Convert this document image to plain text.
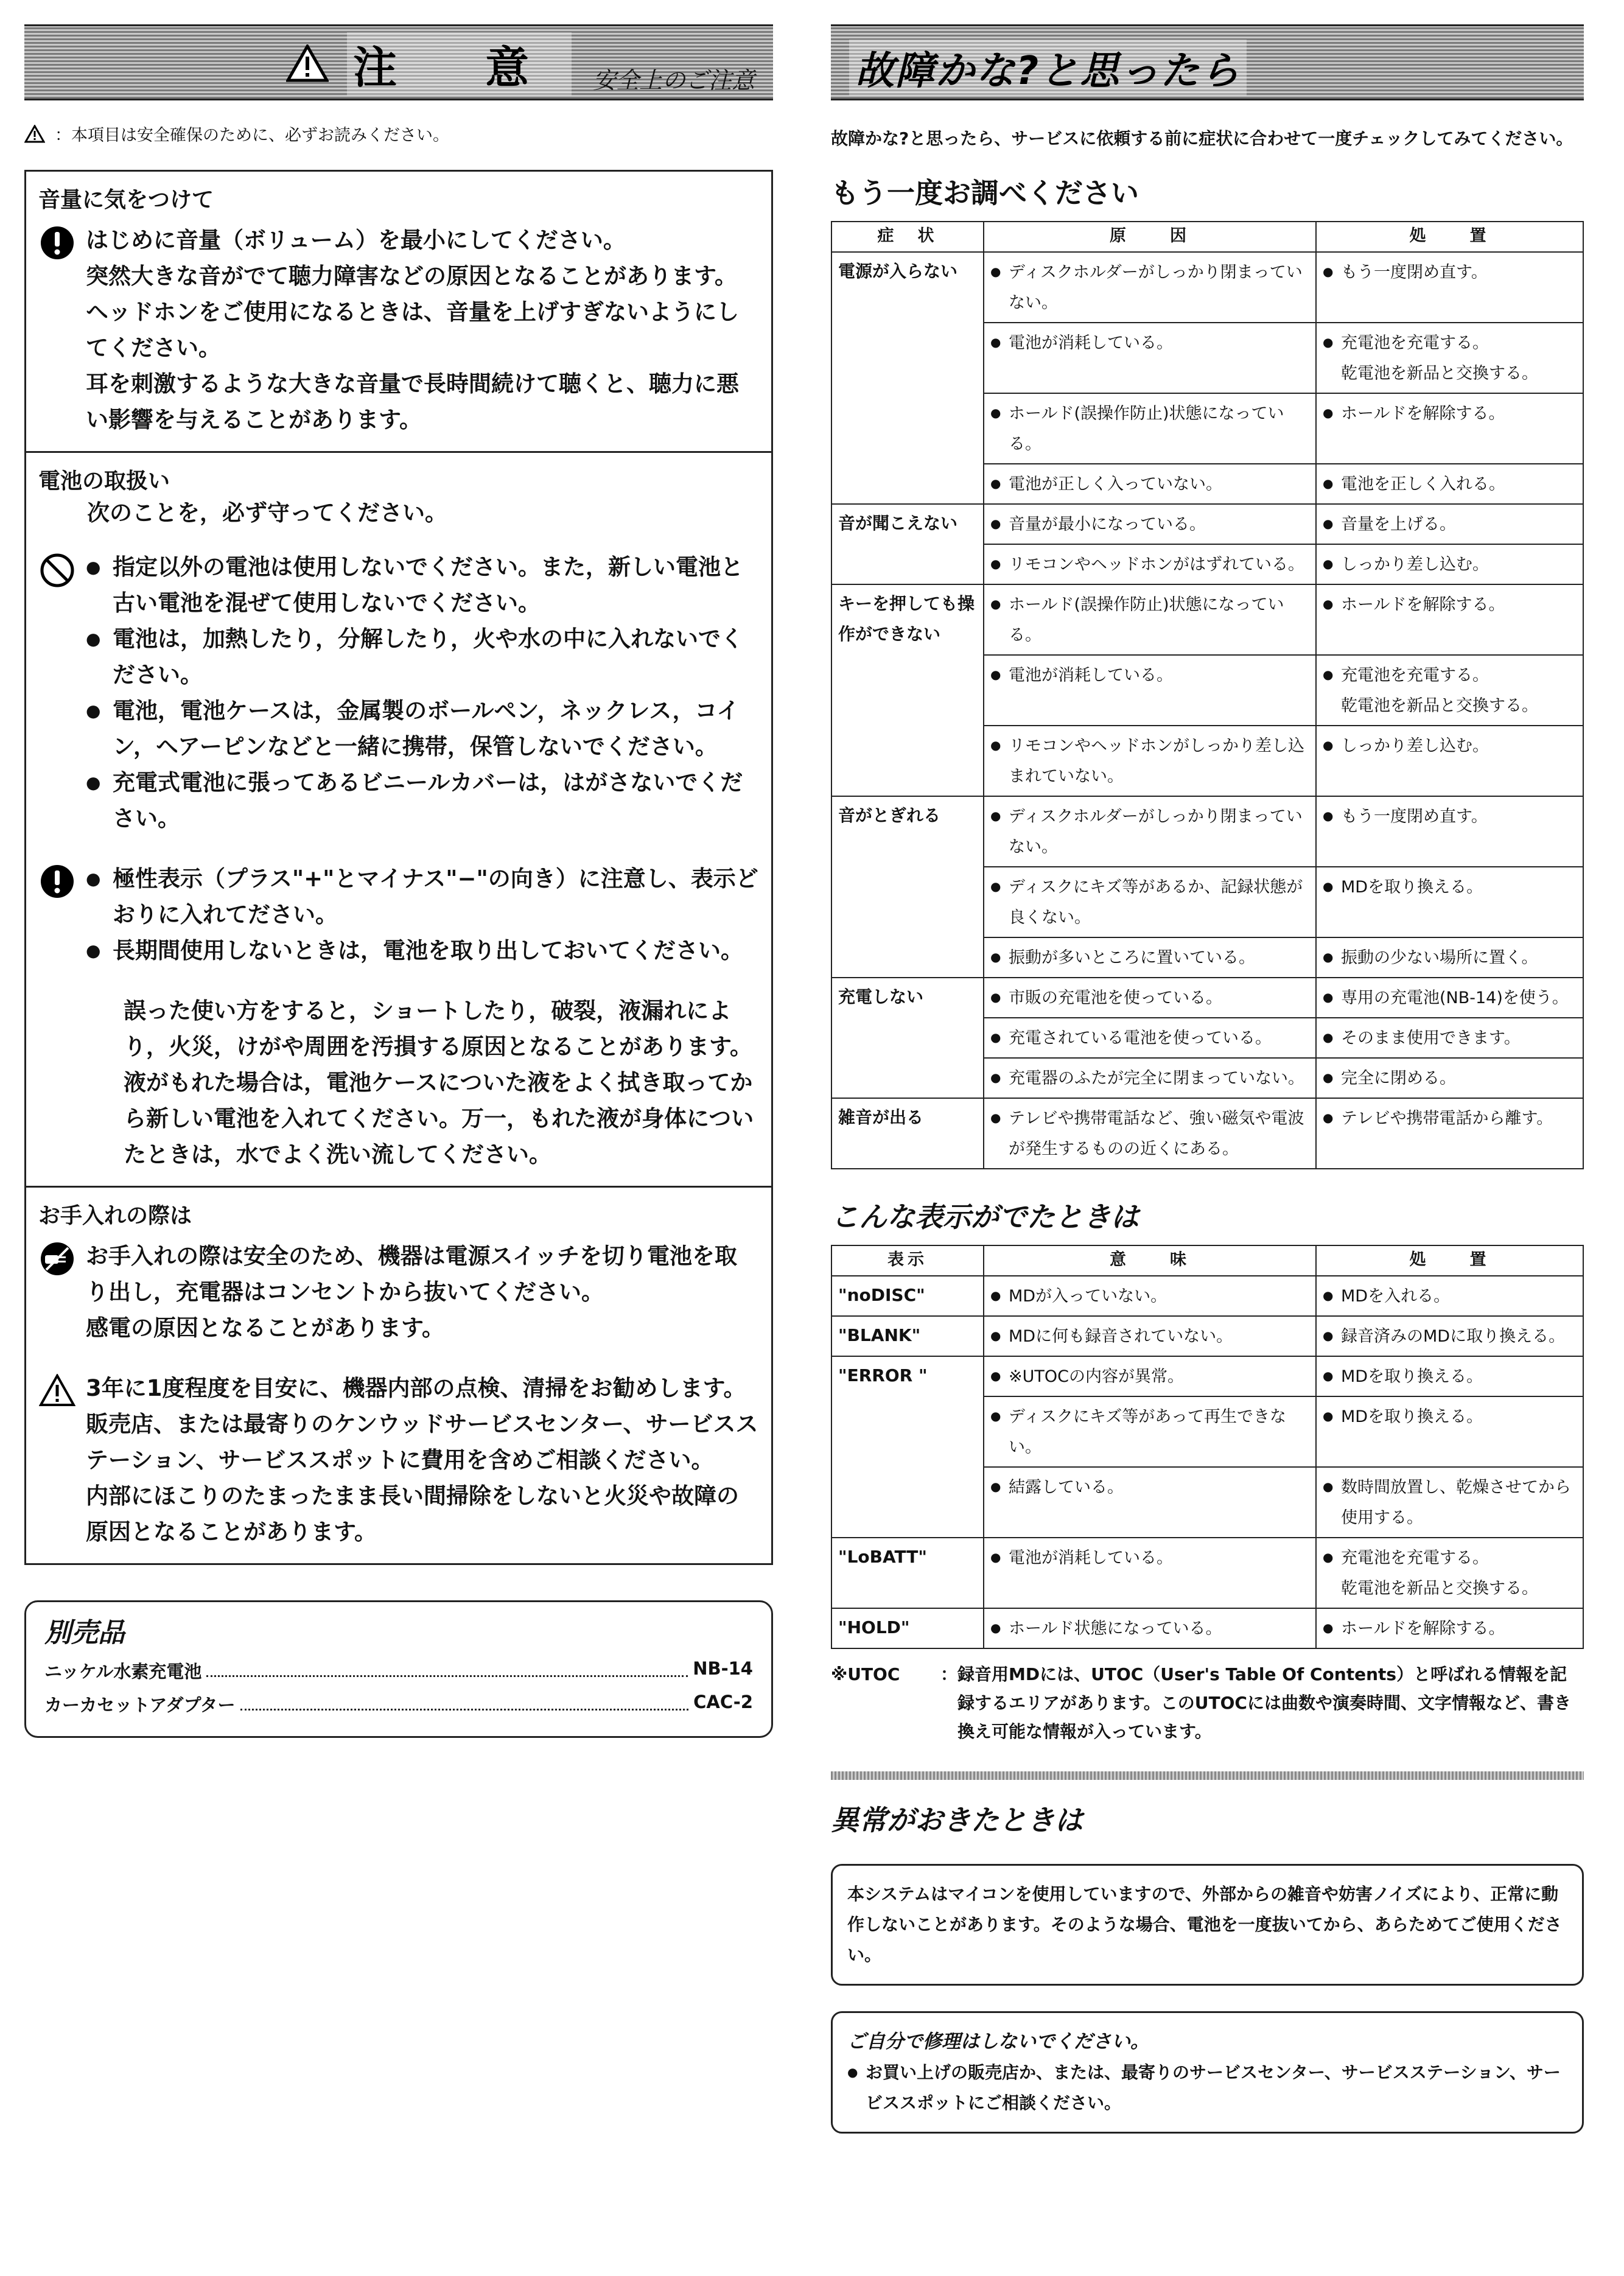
注 意 安全上のご注意
：本項目は安全確保のために、必ずお読みください。
音量に気をつけて

はじめに音量（ボリューム）を最小にしてください。

突然大きな音がでて聴力障害などの原因となることがあります。

ヘッドホンをご使用になるときは、音量を上げすぎないようにしてください。

耳を刺激するような大きな音量で長時間続けて聴くと、聴力に悪い影響を与えることがあります。

電池の取扱い

次のことを，必ず守ってください。

● 指定以外の電池は使用しないでください。また，新しい電池と古い電池を混ぜて使用しないでください。

● 電池は，加熱したり，分解したり，火や水の中に入れないでください。

● 電池，電池ケースは，金属製のボールペン，ネックレス，コイン，ヘアーピンなどと一緒に携帯，保管しないでください。

● 充電式電池に張ってあるビニールカバーは，はがさないでください。

● 極性表示（プラス"+"とマイナス"−"の向き）に注意し、表示どおりに入れてださい。

● 長期間使用しないときは，電池を取り出しておいてください。

誤った使い方をすると，ショートしたり，破裂，液漏れにより，火災，けがや周囲を汚損する原因となることがあります。液がもれた場合は，電池ケースについた液をよく拭き取ってから新しい電池を入れてください。万一，もれた液が身体についたときは，水でよく洗い流してください。

お手入れの際は

お手入れの際は安全のため、機器は電源スイッチを切り電池を取り出し，充電器はコンセントから抜いてください。

感電の原因となることがあります。

3年に1度程度を目安に、機器内部の点検、清掃をお勧めします。販売店、または最寄りのケンウッドサービスセンター、サービスステーション、サービススポットに費用を含めご相談ください。

内部にほこりのたまったまま長い間掃除をしないと火災や故障の原因となることがあります。

別売品
ニッケル水素充電池	NB-14
カーカセットアダプター	CAC-2
故障かな?と思ったら

故障かな?と思ったら、サービスに依頼する前に症状に合わせて一度チェックしてみてください。

もう一度お調べください
症　状	原　　因	処　　置
電源が入らない	● ディスクホルダーがしっかり閉まっていない。	● もう一度閉め直す。

	● 電池が消耗している。	● 充電池を充電する。
乾電池を新品と交換する。

	● ホールド(誤操作防止)状態になっている。	● ホールドを解除する。

	● 電池が正しく入っていない。	● 電池を正しく入れる。

音が聞こえない	● 音量が最小になっている。	● 音量を上げる。

	● リモコンやヘッドホンがはずれている。	● しっかり差し込む。

キーを押しても操作ができない	● ホールド(誤操作防止)状態になっている。	● ホールドを解除する。

	● 電池が消耗している。	● 充電池を充電する。
乾電池を新品と交換する。

	● リモコンやヘッドホンがしっかり差し込まれていない。	● しっかり差し込む。

音がとぎれる	● ディスクホルダーがしっかり閉まっていない。	● もう一度閉め直す。

	● ディスクにキズ等があるか、記録状態が良くない。	● MDを取り換える。

	● 振動が多いところに置いている。	● 振動の少ない場所に置く。

充電しない	● 市販の充電池を使っている。	● 専用の充電池(NB-14)を使う。

	● 充電されている電池を使っている。	● そのまま使用できます。

	● 充電器のふたが完全に閉まっていない。	● 完全に閉める。

雑音が出る	● テレビや携帯電話など、強い磁気や電波が発生するものの近くにある。	● テレビや携帯電話から離す。
こんな表示がでたときは
表示	意　　味	処　　置
"noDISC"	● MDが入っていない。	● MDを入れる。

"BLANK"	● MDに何も録音されていない。	● 録音済みのMDに取り換える。

"ERROR "	● ※UTOCの内容が異常。	● MDを取り換える。

	● ディスクにキズ等があって再生できない。	● MDを取り換える。

	● 結露している。	● 数時間放置し、乾燥させてから使用する。

"LoBATT"	● 電池が消耗している。	● 充電池を充電する。
乾電池を新品と交換する。

"HOLD"	● ホールド状態になっている。	● ホールドを解除する。
※UTOC	： 録音用MDには、UTOC（User's Table Of Contents）と呼ばれる情報を記録するエリアがあります。このUTOCには曲数や演奏時間、文字情報など、書き換え可能な情報が入っています。
異常がおきたときは

本システムはマイコンを使用していますので、外部からの雑音や妨害ノイズにより、正常に動作しないことがあります。そのような場合、電池を一度抜いてから、あらためてご使用ください。

ご自分で修理はしないでください。

● お買い上げの販売店か、または、最寄りのサービスセンター、サービスステーション、サービススポットにご相談ください。
